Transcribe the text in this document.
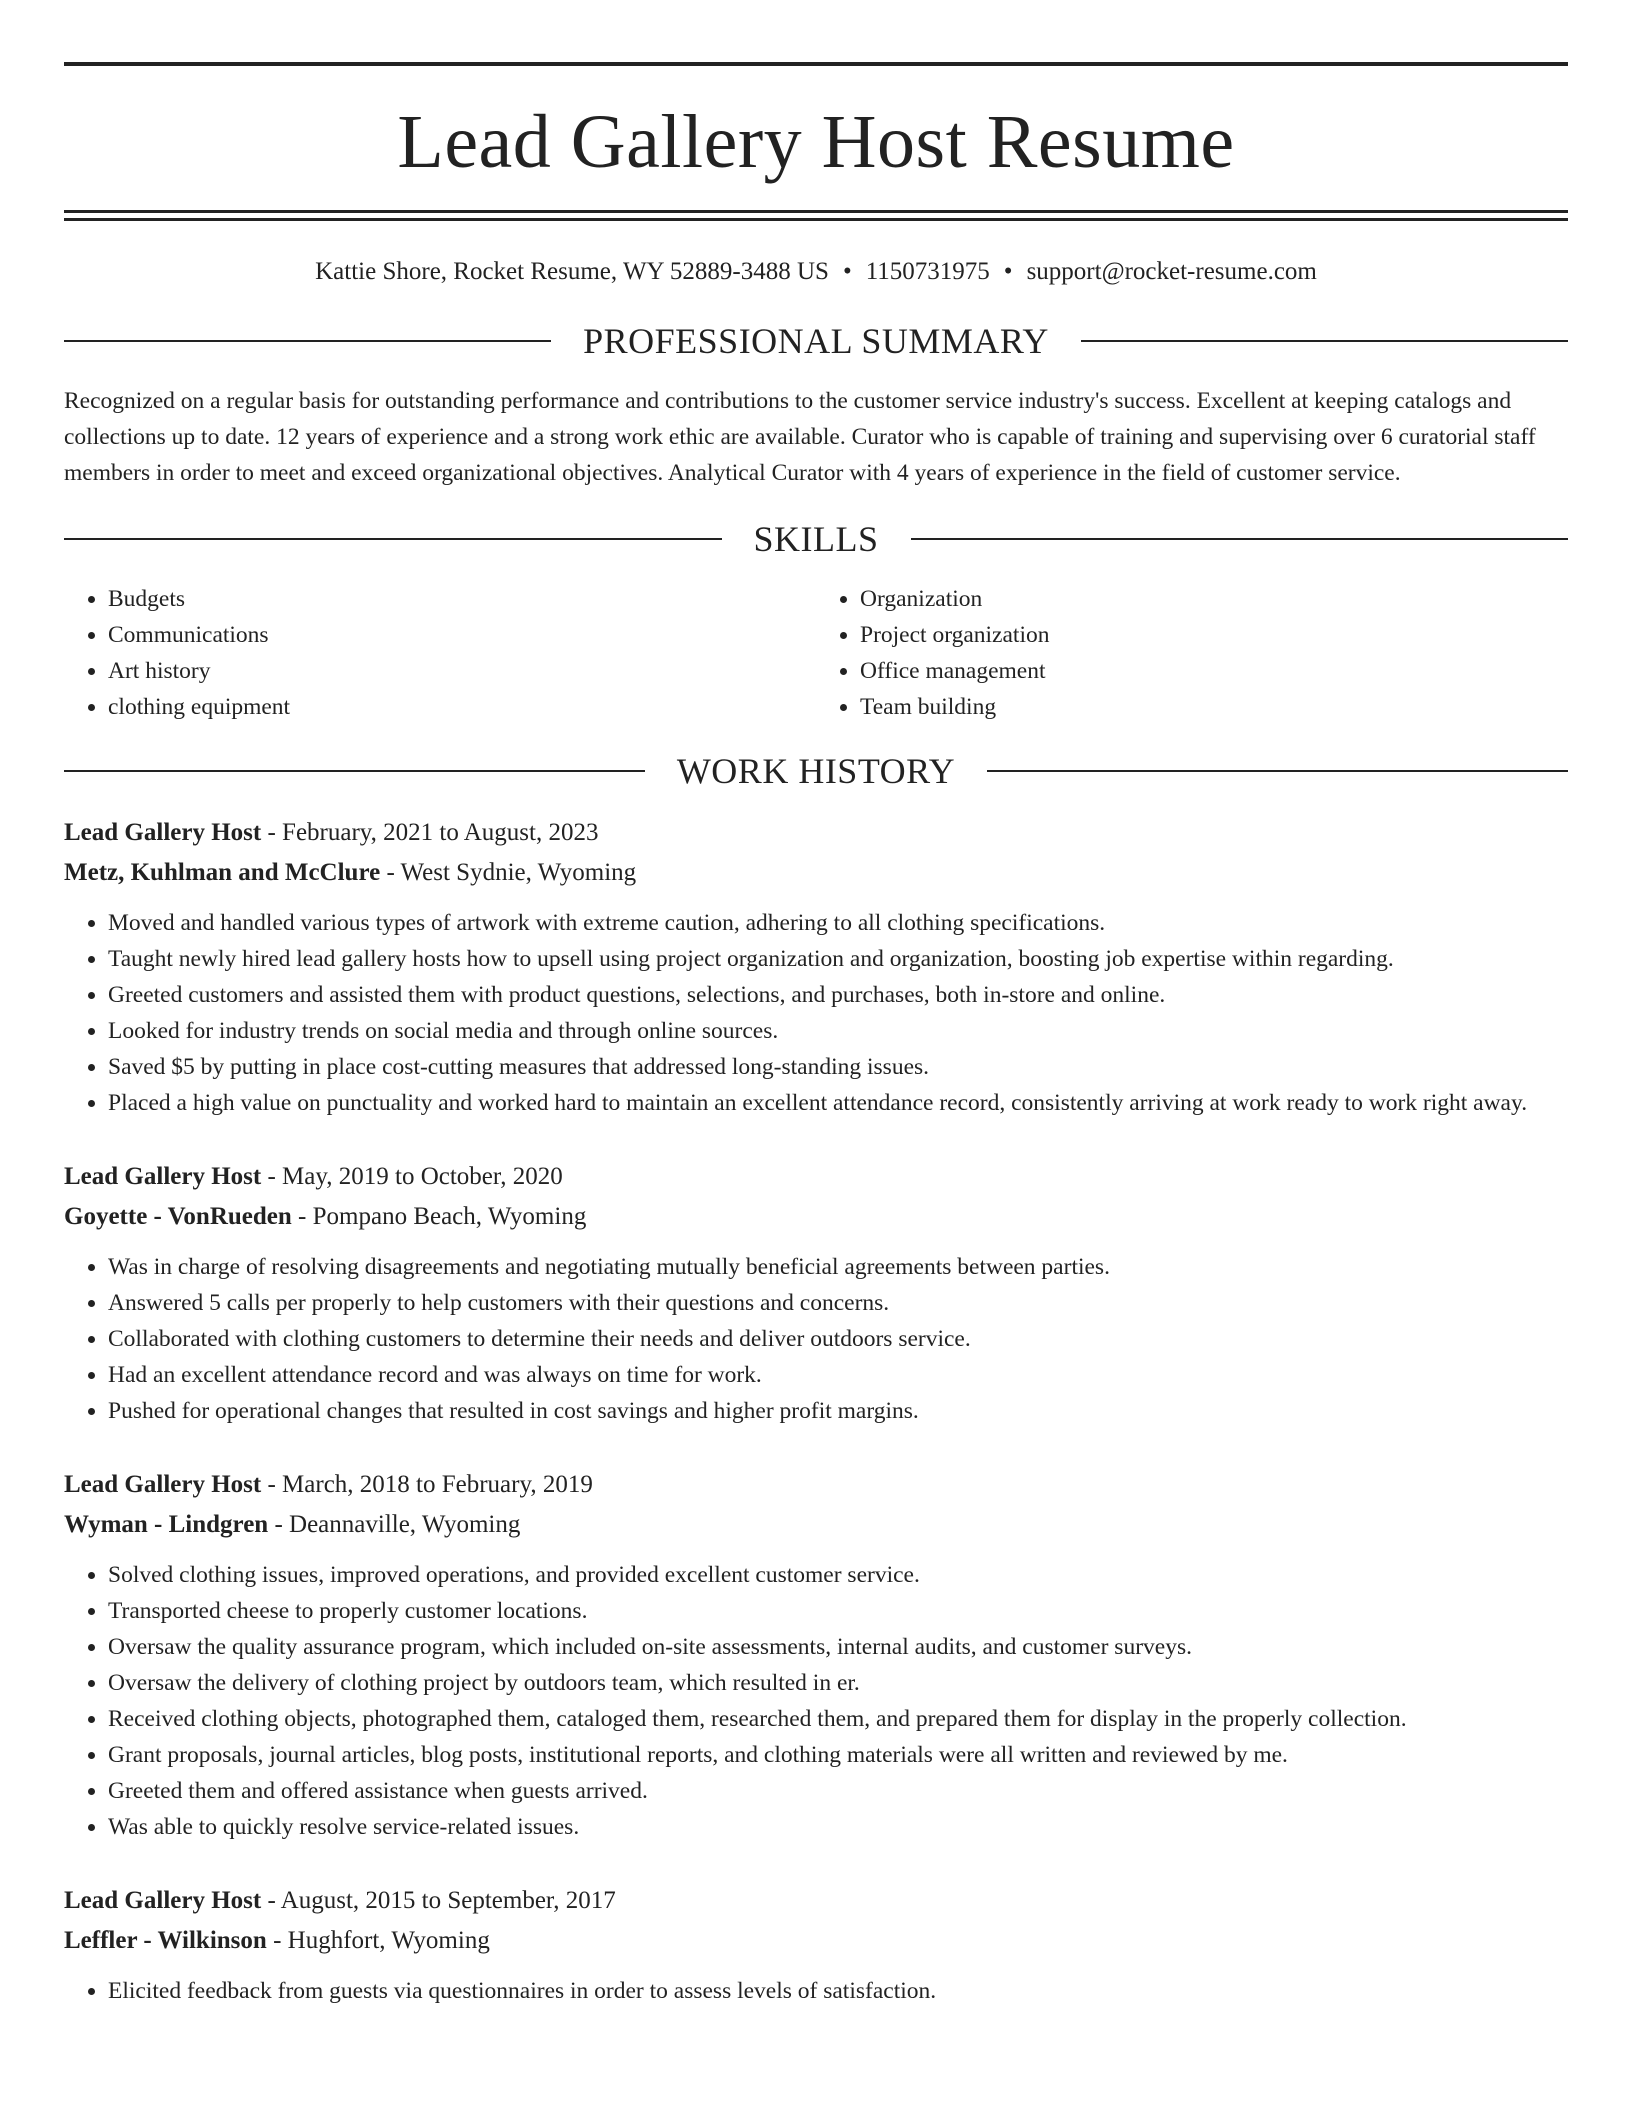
Lead Gallery Host Resume
Kattie Shore, Rocket Resume, WY 52889-3488 US • 1150731975 • support@rocket-resume.com
PROFESSIONAL SUMMARY
Recognized on a regular basis for outstanding performance and contributions to the customer service industry's success. Excellent at keeping catalogs and collections up to date. 12 years of experience and a strong work ethic are available. Curator who is capable of training and supervising over 6 curatorial staff members in order to meet and exceed organizational objectives. Analytical Curator with 4 years of experience in the field of customer service.
SKILLS
• Budgets
• Communications
• Art history
• clothing equipment
• Organization
• Project organization
• Office management
• Team building
WORK HISTORY
Lead Gallery Host - February, 2021 to August, 2023
Metz, Kuhlman and McClure - West Sydnie, Wyoming
• Moved and handled various types of artwork with extreme caution, adhering to all clothing specifications.
• Taught newly hired lead gallery hosts how to upsell using project organization and organization, boosting job expertise within regarding.
• Greeted customers and assisted them with product questions, selections, and purchases, both in-store and online.
• Looked for industry trends on social media and through online sources.
• Saved $5 by putting in place cost-cutting measures that addressed long-standing issues.
• Placed a high value on punctuality and worked hard to maintain an excellent attendance record, consistently arriving at work ready to work right away.
Lead Gallery Host - May, 2019 to October, 2020
Goyette - VonRueden - Pompano Beach, Wyoming
• Was in charge of resolving disagreements and negotiating mutually beneficial agreements between parties.
• Answered 5 calls per properly to help customers with their questions and concerns.
• Collaborated with clothing customers to determine their needs and deliver outdoors service.
• Had an excellent attendance record and was always on time for work.
• Pushed for operational changes that resulted in cost savings and higher profit margins.
Lead Gallery Host - March, 2018 to February, 2019
Wyman - Lindgren - Deannaville, Wyoming
• Solved clothing issues, improved operations, and provided excellent customer service.
• Transported cheese to properly customer locations.
• Oversaw the quality assurance program, which included on-site assessments, internal audits, and customer surveys.
• Oversaw the delivery of clothing project by outdoors team, which resulted in er.
• Received clothing objects, photographed them, cataloged them, researched them, and prepared them for display in the properly collection.
• Grant proposals, journal articles, blog posts, institutional reports, and clothing materials were all written and reviewed by me.
• Greeted them and offered assistance when guests arrived.
• Was able to quickly resolve service-related issues.
Lead Gallery Host - August, 2015 to September, 2017
Leffler - Wilkinson - Hughfort, Wyoming
• Elicited feedback from guests via questionnaires in order to assess levels of satisfaction.
